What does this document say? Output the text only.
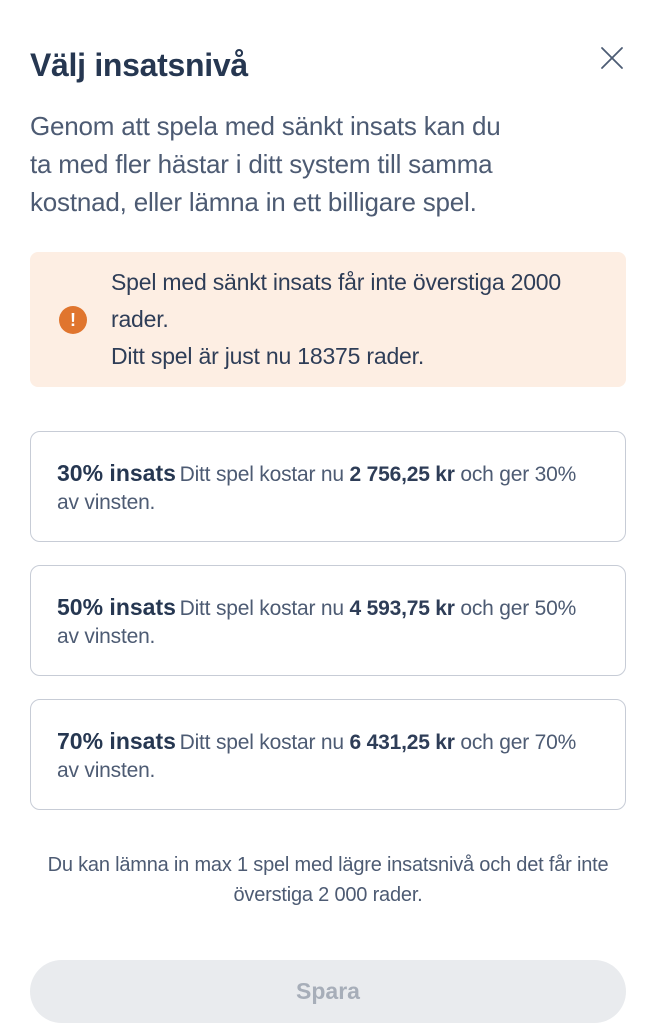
Välj insatsnivå

Genom att spela med sänkt insats kan du
ta med fler hästar i ditt system till samma
kostnad, eller lämna in ett billigare spel.

!
Spel med sänkt insats får inte överstiga 2000 rader.
Ditt spel är just nu 18375 rader.
30% insats Ditt spel kostar nu 2 756,25 kr och ger 30% av vinsten.
50% insats Ditt spel kostar nu 4 593,75 kr och ger 50% av vinsten.
70% insats Ditt spel kostar nu 6 431,25 kr och ger 70% av vinsten.

Du kan lämna in max 1 spel med lägre insatsnivå och det får inte
överstiga 2 000 rader.

Spara
